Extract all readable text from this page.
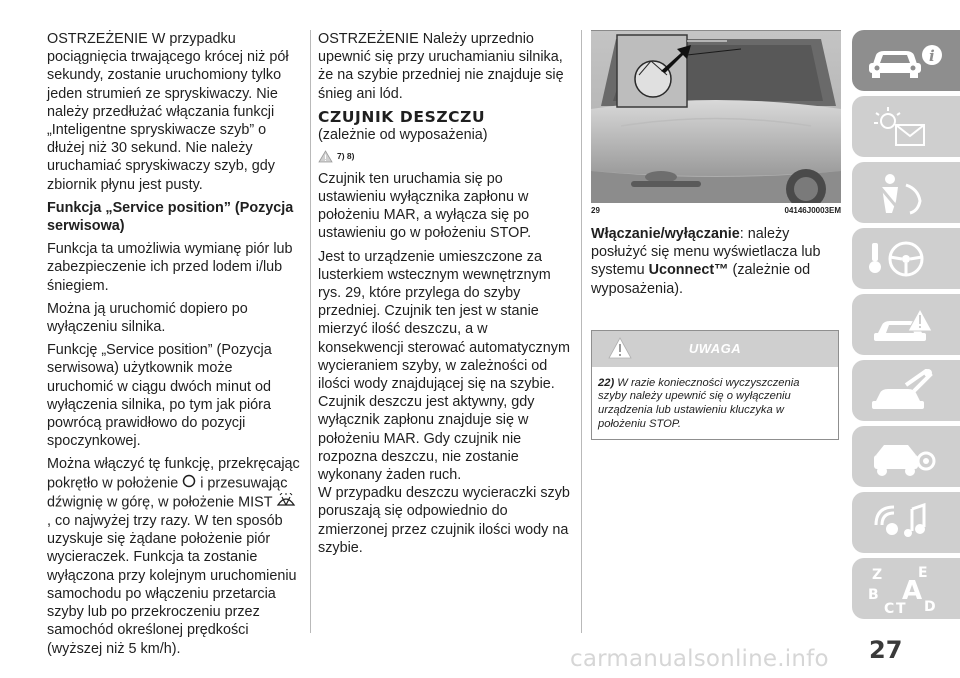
OSTRZEŻENIE W przypadku pociągnięcia trwającego krócej niż pół sekundy, zostanie uruchomiony tylko jeden strumień ze spryskiwaczy. Nie należy przedłużać włączania funkcji „Inteligentne spryskiwacze szyb” o dłużej niż 30 sekund. Nie należy uruchamiać spryskiwaczy szyb, gdy zbiornik płynu jest pusty.

Funkcja „Service position” (Pozycja serwisowa)

Funkcja ta umożliwia wymianę piór lub zabezpieczenie ich przed lodem i/lub śniegiem.

Można ją uruchomić dopiero po wyłączeniu silnika.

Funkcję „Service position” (Pozycja serwisowa) użytkownik może uruchomić w ciągu dwóch minut od wyłączenia silnika, po tym jak pióra powrócą prawidłowo do pozycji spoczynkowej.

Można włączyć tę funkcję, przekręcając pokrętło w położenie i przesuwając dźwignię w górę, w położenie MIST  , co najwyżej trzy razy. W ten sposób uzyskuje się żądane położenie piór wycieraczek. Funkcja ta zostanie wyłączona przy kolejnym uruchomieniu samochodu po włączeniu przetarcia szyby lub po przekroczeniu przez samochód określonej prędkości (wyższej niż 5 km/h).

OSTRZEŻENIE Należy uprzednio upewnić się przy uruchamianiu silnika, że na szybie przedniej nie znajduje się śnieg ani lód.

CZUJNIK DESZCZU
(zależnie od wyposażenia)
7) 8)

Czujnik ten uruchamia się po ustawieniu wyłącznika zapłonu w położeniu MAR, a wyłącza się po ustawieniu go w położeniu STOP.

Jest to urządzenie umieszczone za lusterkiem wstecznym wewnętrznym rys. 29, które przylega do szyby przedniej. Czujnik ten jest w stanie mierzyć ilość deszczu, a w konsekwencji sterować automatycznym wycieraniem szyby, w zależności od ilości wody znajdującej się na szybie. Czujnik deszczu jest aktywny, gdy wyłącznik zapłonu znajduje się w położeniu MAR. Gdy czujnik nie rozpozna deszczu, nie zostanie wykonany żaden ruch.

W przypadku deszczu wycieraczki szyb poruszają się odpowiednio do zmierzonej przez czujnik ilości wody na szybie.

29	04146J0003EM

Włączanie/wyłączanie: należy posłużyć się menu wyświetlacza lub systemu Uconnect™ (zależnie od wyposażenia).

UWAGA
22) W razie konieczności wyczyszczenia szyby należy upewnić się o wyłączeniu urządzenia lub ustawieniu kluczyka w położeniu STOP.
i
Z	E
B A
C T D
carmanualsonline.info 27
